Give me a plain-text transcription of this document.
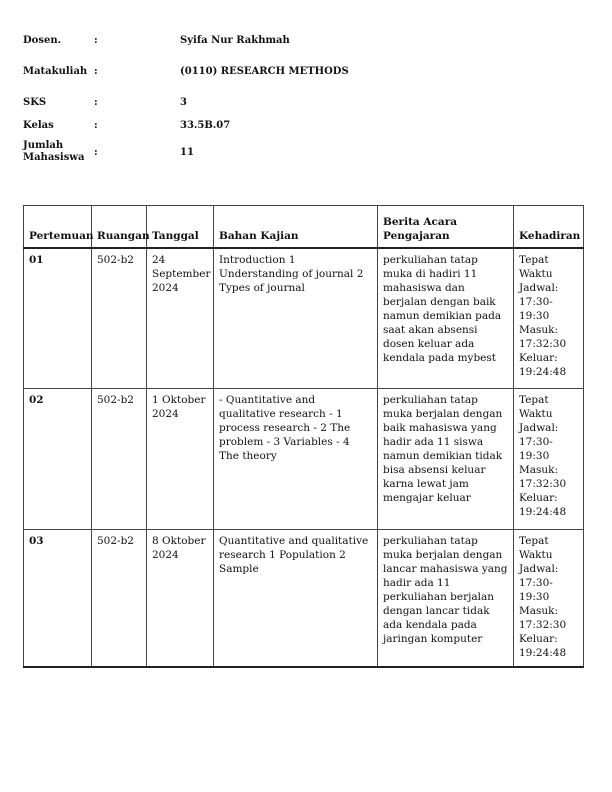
Dosen.	:	Syifa Nur Rakhmah
Matakuliah :	(0110) RESEARCH METHODS
SKS	:	3
Kelas	:	33.5B.07
Jumlah Mahasiswa :	11
Pertemuan	Ruangan	Tanggal	Bahan Kajian	Berita Acara Pengajaran	Kehadiran
01	502-b2	24 September 2024	Introduction 1 Understanding of journal 2 Types of journal	perkuliahan tatap muka di hadiri 11 mahasiswa dan berjalan dengan baik namun demikian pada saat akan absensi dosen keluar ada kendala pada mybest	Tepat Waktu Jadwal: 17:30-19:30 Masuk: 17:32:30 Keluar: 19:24:48
02	502-b2	1 Oktober 2024	- Quantitative and qualitative research - 1 process research - 2 The problem - 3 Variables - 4 The theory	perkuliahan tatap muka berjalan dengan baik mahasiswa yang hadir ada 11 siswa namun demikian tidak bisa absensi keluar karna lewat jam mengajar keluar	Tepat Waktu Jadwal: 17:30-19:30 Masuk: 17:32:30 Keluar: 19:24:48
03	502-b2	8 Oktober 2024	Quantitative and qualitative research 1 Population 2 Sample	perkuliahan tatap muka berjalan dengan lancar mahasiswa yang hadir ada 11 perkuliahan berjalan dengan lancar tidak ada kendala pada jaringan komputer	Tepat Waktu Jadwal: 17:30-19:30 Masuk: 17:32:30 Keluar: 19:24:48
